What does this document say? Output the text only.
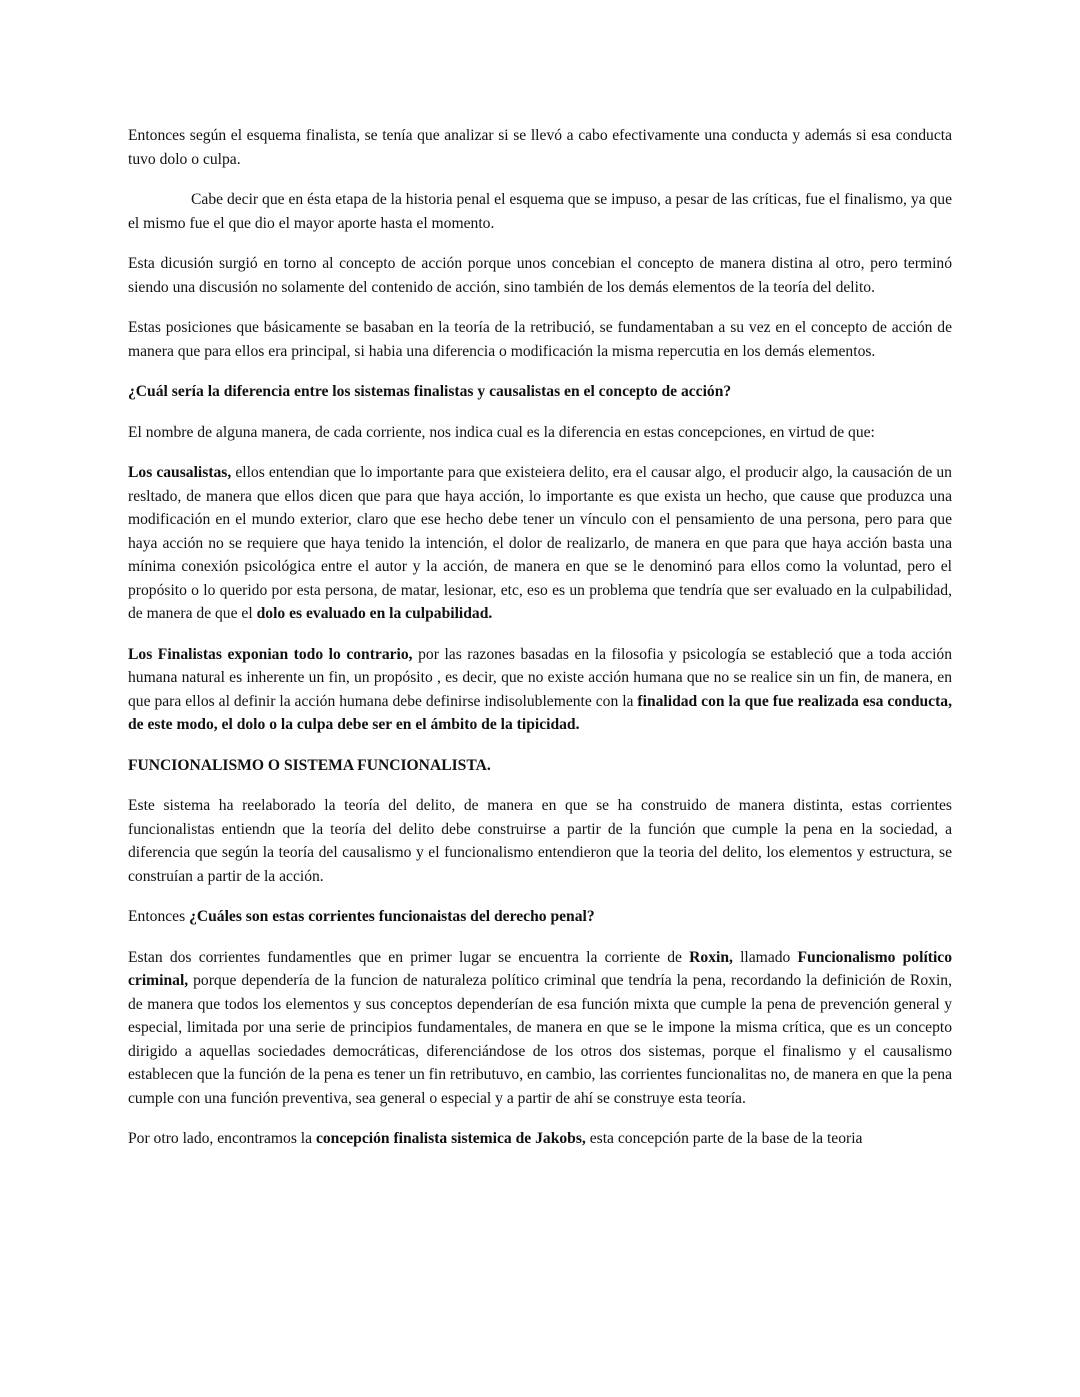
Entonces según el esquema finalista, se tenía que analizar si se llevó a cabo efectivamente una conducta y además si esa conducta tuvo dolo o culpa.

Cabe decir que en ésta etapa de la historia penal el esquema que se impuso, a pesar de las críticas, fue el finalismo, ya que el mismo fue el que dio el mayor aporte hasta el momento.

Esta dicusión surgió en torno al concepto de acción porque unos concebian el concepto de manera distina al otro, pero terminó siendo una discusión no solamente del contenido de acción, sino también de los demás elementos de la teoría del delito.

Estas posiciones que básicamente se basaban en la teoría de la retribució, se fundamentaban a su vez en el concepto de acción de manera que para ellos era principal, si habia una diferencia o modificación la misma repercutia en los demás elementos.

¿Cuál sería la diferencia entre los sistemas finalistas y causalistas en el concepto de acción?

El nombre de alguna manera, de cada corriente, nos indica cual es la diferencia en estas concepciones, en virtud de que:

Los causalistas, ellos entendian que lo importante para que existeiera delito, era el causar algo, el producir algo, la causación de un resltado, de manera que ellos dicen que para que haya acción, lo importante es que exista un hecho, que cause que produzca una modificación en el mundo exterior, claro que ese hecho debe tener un vínculo con el pensamiento de una persona, pero para que haya acción no se requiere que haya tenido la intención, el dolor de realizarlo, de manera en que para que haya acción basta una mínima conexión psicológica entre el autor y la acción, de manera en que se le denominó para ellos como la voluntad, pero el propósito o lo querido por esta persona, de matar, lesionar, etc, eso es un problema que tendría que ser evaluado en la culpabilidad, de manera de que el dolo es evaluado en la culpabilidad.

Los Finalistas exponian todo lo contrario, por las razones basadas en la filosofia y psicología se estableció que a toda acción humana natural es inherente un fin, un propósito , es decir, que no existe acción humana que no se realice sin un fin, de manera, en que para ellos al definir la acción humana debe definirse indisolublemente con la finalidad con la que fue realizada esa conducta, de este modo, el dolo o la culpa debe ser en el ámbito de la tipicidad.

FUNCIONALISMO O SISTEMA FUNCIONALISTA.

Este sistema ha reelaborado la teoría del delito, de manera en que se ha construido de manera distinta, estas corrientes funcionalistas entiendn que la teoría del delito debe construirse a partir de la función que cumple la pena en la sociedad, a diferencia que según la teoría del causalismo y el funcionalismo entendieron que la teoria del delito, los elementos y estructura, se construían a partir de la acción.

Entonces ¿Cuáles son estas corrientes funcionaistas del derecho penal?

Estan dos corrientes fundamentles que en primer lugar se encuentra la corriente de Roxin, llamado Funcionalismo político criminal, porque dependería de la funcion de naturaleza político criminal que tendría la pena, recordando la definición de Roxin, de manera que todos los elementos y sus conceptos dependerían de esa función mixta que cumple la pena de prevención general y especial, limitada por una serie de principios fundamentales, de manera en que se le impone la misma crítica, que es un concepto dirigido a aquellas sociedades democráticas, diferenciándose de los otros dos sistemas, porque el finalismo y el causalismo establecen que la función de la pena es tener un fin retributuvo, en cambio, las corrientes funcionalitas no, de manera en que la pena cumple con una función preventiva, sea general o especial y a partir de ahí se construye esta teoría.

Por otro lado, encontramos la concepción finalista sistemica de Jakobs, esta concepción parte de la base de la teoria
